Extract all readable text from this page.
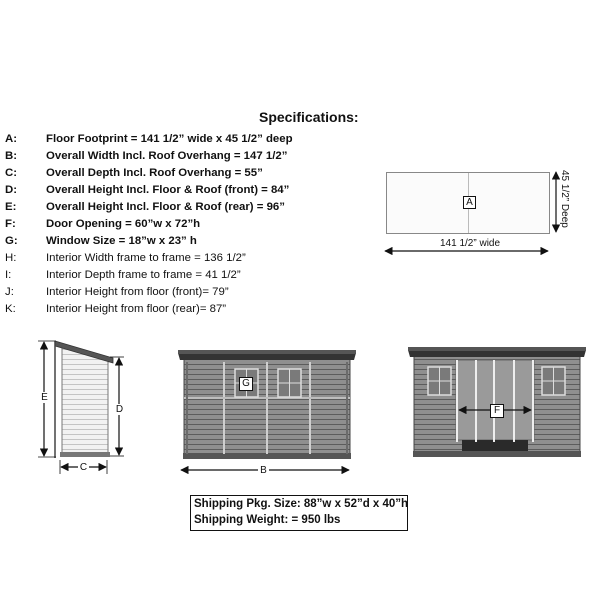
Specifications:
A:	Floor Footprint = 141 1/2” wide x 45 1/2” deep
B:	Overall Width Incl. Roof Overhang = 147 1/2”
C:	Overall Depth Incl. Roof Overhang = 55”
D:	Overall Height Incl. Floor & Roof (front) = 84”
E:	Overall Height Incl. Floor & Roof (rear) = 96”
F:	Door Opening = 60”w x 72”h
G: Window Size = 18”w x 23” h
H:	Interior Width frame to frame = 136 1/2”
I:	Interior Depth frame to frame = 41 1/2”
J:	Interior Height from floor (front)= 79”
K:	Interior Height from floor (rear)= 87”
A
141 1/2” wide
45 1/2” Deep
E
D
C
G
B
F
Shipping Pkg. Size: 88”w x 52”d x 40”h
Shipping Weight: = 950 lbs
